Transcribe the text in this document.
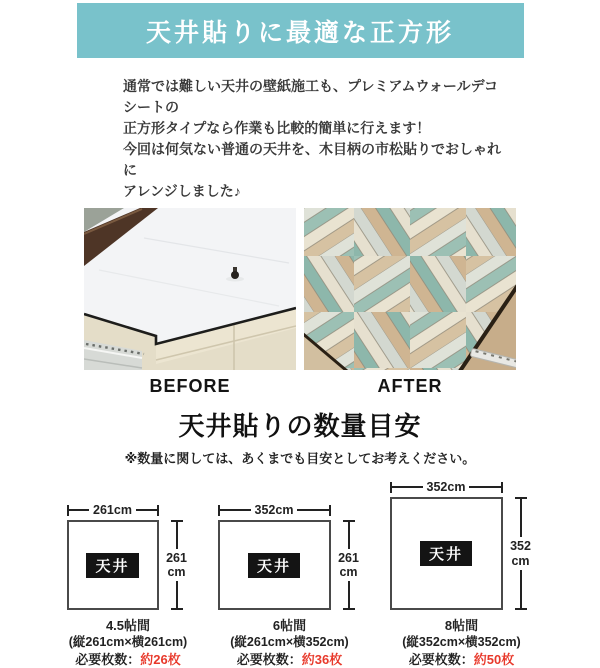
天井貼りに最適な正方形
通常では難しい天井の壁紙施工も、プレミアムウォールデコシートの
正方形タイプなら作業も比較的簡単に行えます！
今回は何気ない普通の天井を、木目柄の市松貼りでおしゃれに
アレンジしました♪
BEFORE	AFTER
天井貼りの数量目安
※数量に関しては、あくまでも目安としてお考えください。
261cm
天井	261
cm
4.5帖間
(縦261cm×横261cm)
必要枚数：約26枚
352cm
天井	261
cm
6帖間
(縦261cm×横352cm)
必要枚数：約36枚
352cm
天井	352
cm
8帖間
(縦352cm×横352cm)
必要枚数：約50枚
